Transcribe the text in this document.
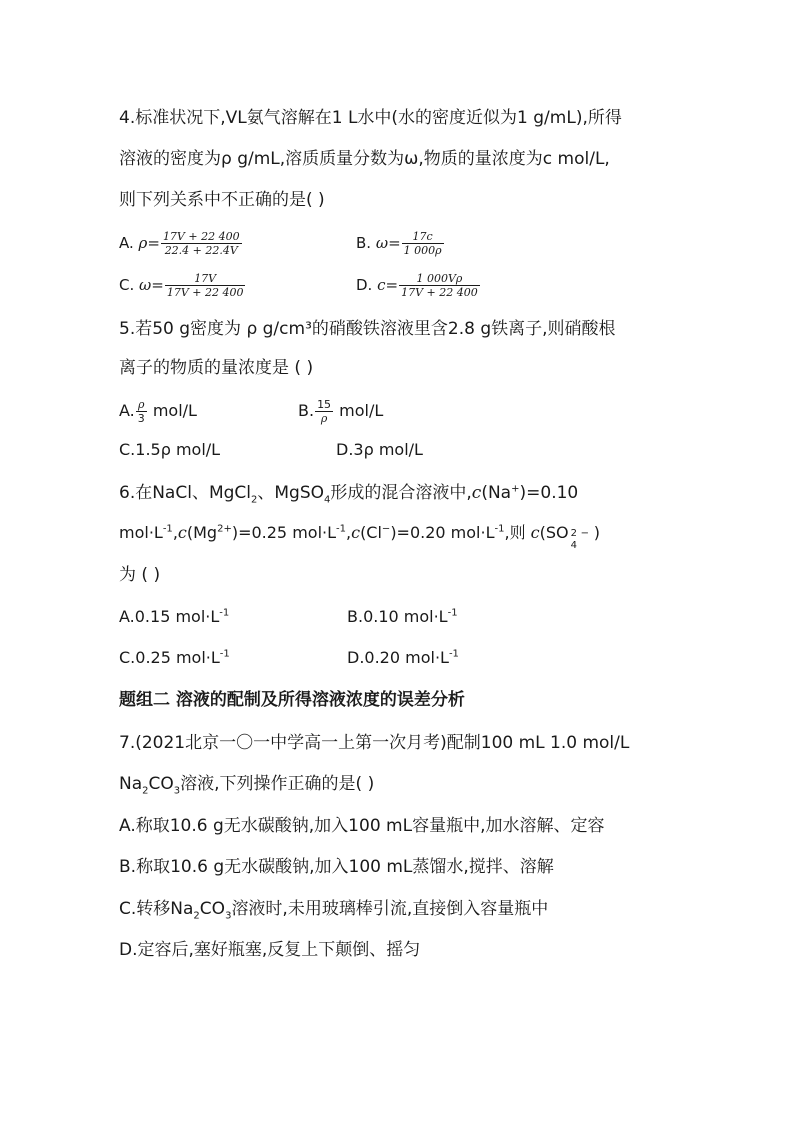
4.标准状况下,VL氨气溶解在1 L水中(水的密度近似为1 g/mL),所得
溶液的密度为ρ g/mL,溶质质量分数为ω,物质的量浓度为c mol/L,
则下列关系中不正确的是( )
A. $\rho= \frac{17V + 22 400}{22.4 + 22.4V}$	B. $\omega= \frac{17c}{1 000\rho}$
C. $\omega= \frac{17V}{17V + 22 400}$	D. $c= \frac{1 000V\rho}{17V + 22 400}$
5.若50 g密度为 ρ g/cm³的硝酸铁溶液里含2.8 g铁离子,则硝酸根
离子的物质的量浓度是 ( )
A. $\frac{\rho}{3} mol/L$	B. $\frac{15}{\rho} mol/L$
C.1.5ρ mol/L	D.3ρ mol/L
6.在NaCl、MgCl$_2$、MgSO$_4$形成的混合溶液中,c(Na+)=0.10
$mol\cdot L^{-1},c(Mg^{2+})=0.25$ $mol\cdot L^{-1},c(Cl^-)=0.20$ $mol\cdot L^{-1}$,则 c(SO 2
4
− )
为 ( )
A.0.15 $mol\cdot L^{-1}$	B.0.10 $mol\cdot L^{-1}$
C.0.25 $mol\cdot L^{-1}$	D.0.20 $mol\cdot L^{-1}$
题组二 溶液的配制及所得溶液浓度的误差分析
7.(2021北京一〇一中学高一上第一次月考)配制100 mL 1.0 mol/L
$Na_2CO_3$溶液,下列操作正确的是( )
A.称取10.6 g无水碳酸钠,加入100 mL容量瓶中,加水溶解、定容
B.称取10.6 g无水碳酸钠,加入100 mL蒸馏水,搅拌、溶解
C.转移$Na_2CO_3$溶液时,未用玻璃棒引流,直接倒入容量瓶中
D.定容后,塞好瓶塞,反复上下颠倒、摇匀
